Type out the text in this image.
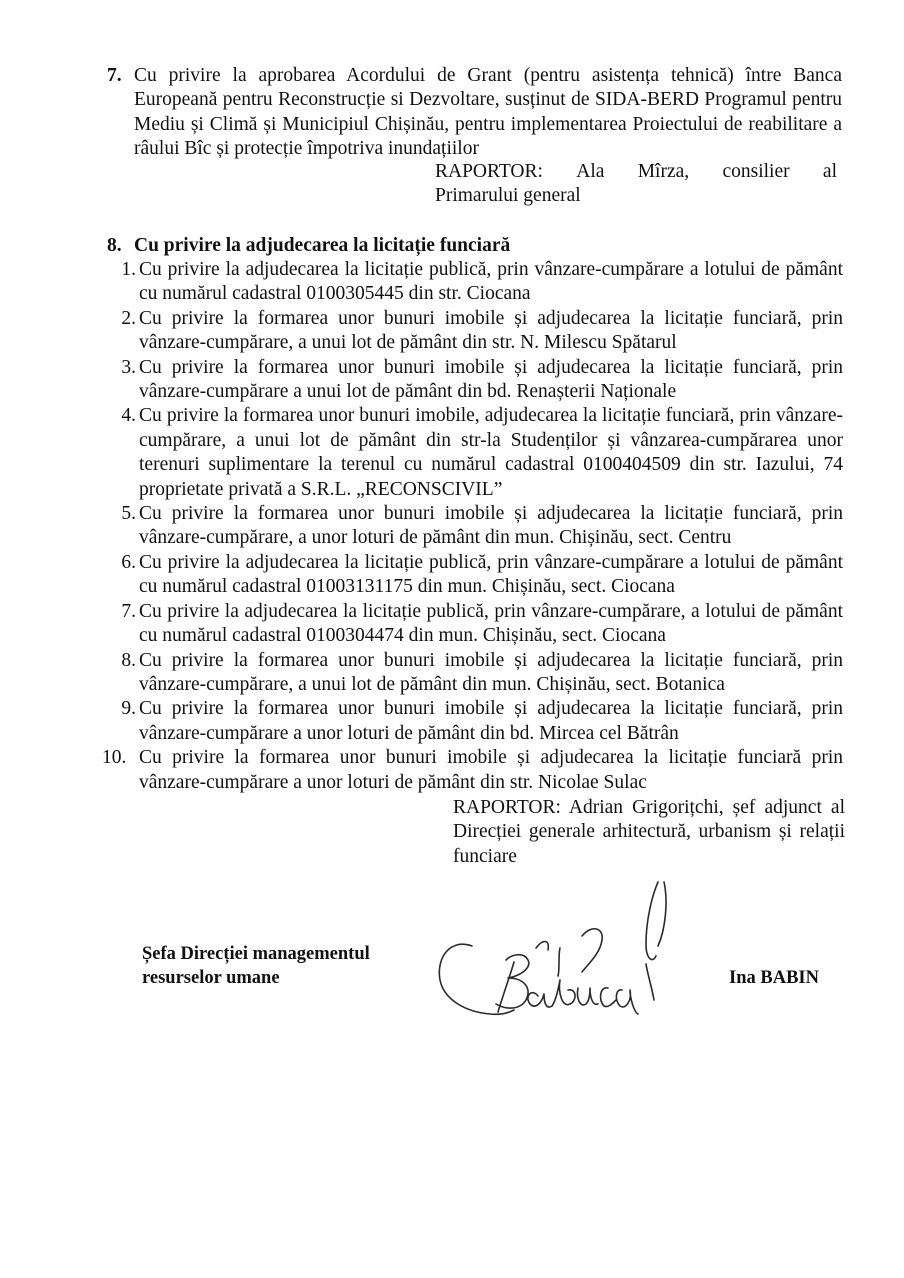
7. Cu privire la aprobarea Acordului de Grant (pentru asistența tehnică) între Banca Europeană pentru Reconstrucție si Dezvoltare, susținut de SIDA-BERD Programul pentru Mediu și Climă și Municipiul Chișinău, pentru implementarea Proiectului de reabilitare a râului Bîc și protecție împotriva inundațiilor
RAPORTOR: Ala Mîrza, consilier al
Primarului general
8. Cu privire la adjudecarea la licitație funciară
1. Cu privire la adjudecarea la licitație publică, prin vânzare-cumpărare a lotului de pământ cu numărul cadastral 0100305445 din str. Ciocana
2. Cu privire la formarea unor bunuri imobile și adjudecarea la licitație funciară, prin vânzare-cumpărare, a unui lot de pământ din str. N. Milescu Spătarul
3. Cu privire la formarea unor bunuri imobile și adjudecarea la licitație funciară, prin vânzare-cumpărare a unui lot de pământ din bd. Renașterii Naționale
4. Cu privire la formarea unor bunuri imobile, adjudecarea la licitație funciară, prin vânzare-cumpărare, a unui lot de pământ din str-la Studenților și vânzarea-cumpărarea unor terenuri suplimentare la terenul cu numărul cadastral 0100404509 din str. Iazului, 74 proprietate privată a S.R.L. „RECONSCIVIL”
5. Cu privire la formarea unor bunuri imobile și adjudecarea la licitație funciară, prin vânzare-cumpărare, a unor loturi de pământ din mun. Chișinău, sect. Centru
6. Cu privire la adjudecarea la licitație publică, prin vânzare-cumpărare a lotului de pământ cu numărul cadastral 01003131175 din mun. Chișinău, sect. Ciocana
7. Cu privire la adjudecarea la licitație publică, prin vânzare-cumpărare, a lotului de pământ cu numărul cadastral 0100304474 din mun. Chișinău, sect. Ciocana
8. Cu privire la formarea unor bunuri imobile și adjudecarea la licitație funciară, prin vânzare-cumpărare, a unui lot de pământ din mun. Chișinău, sect. Botanica
9. Cu privire la formarea unor bunuri imobile și adjudecarea la licitație funciară, prin vânzare-cumpărare a unor loturi de pământ din bd. Mircea cel Bătrân
10. Cu privire la formarea unor bunuri imobile și adjudecarea la licitație funciară prin vânzare-cumpărare a unor loturi de pământ din str. Nicolae Sulac
RAPORTOR: Adrian Grigorițchi, șef adjunct al Direcției generale arhitectură, urbanism și relații funciare
Șefa Direcției managementul
resurselor umane	Ina BABIN
